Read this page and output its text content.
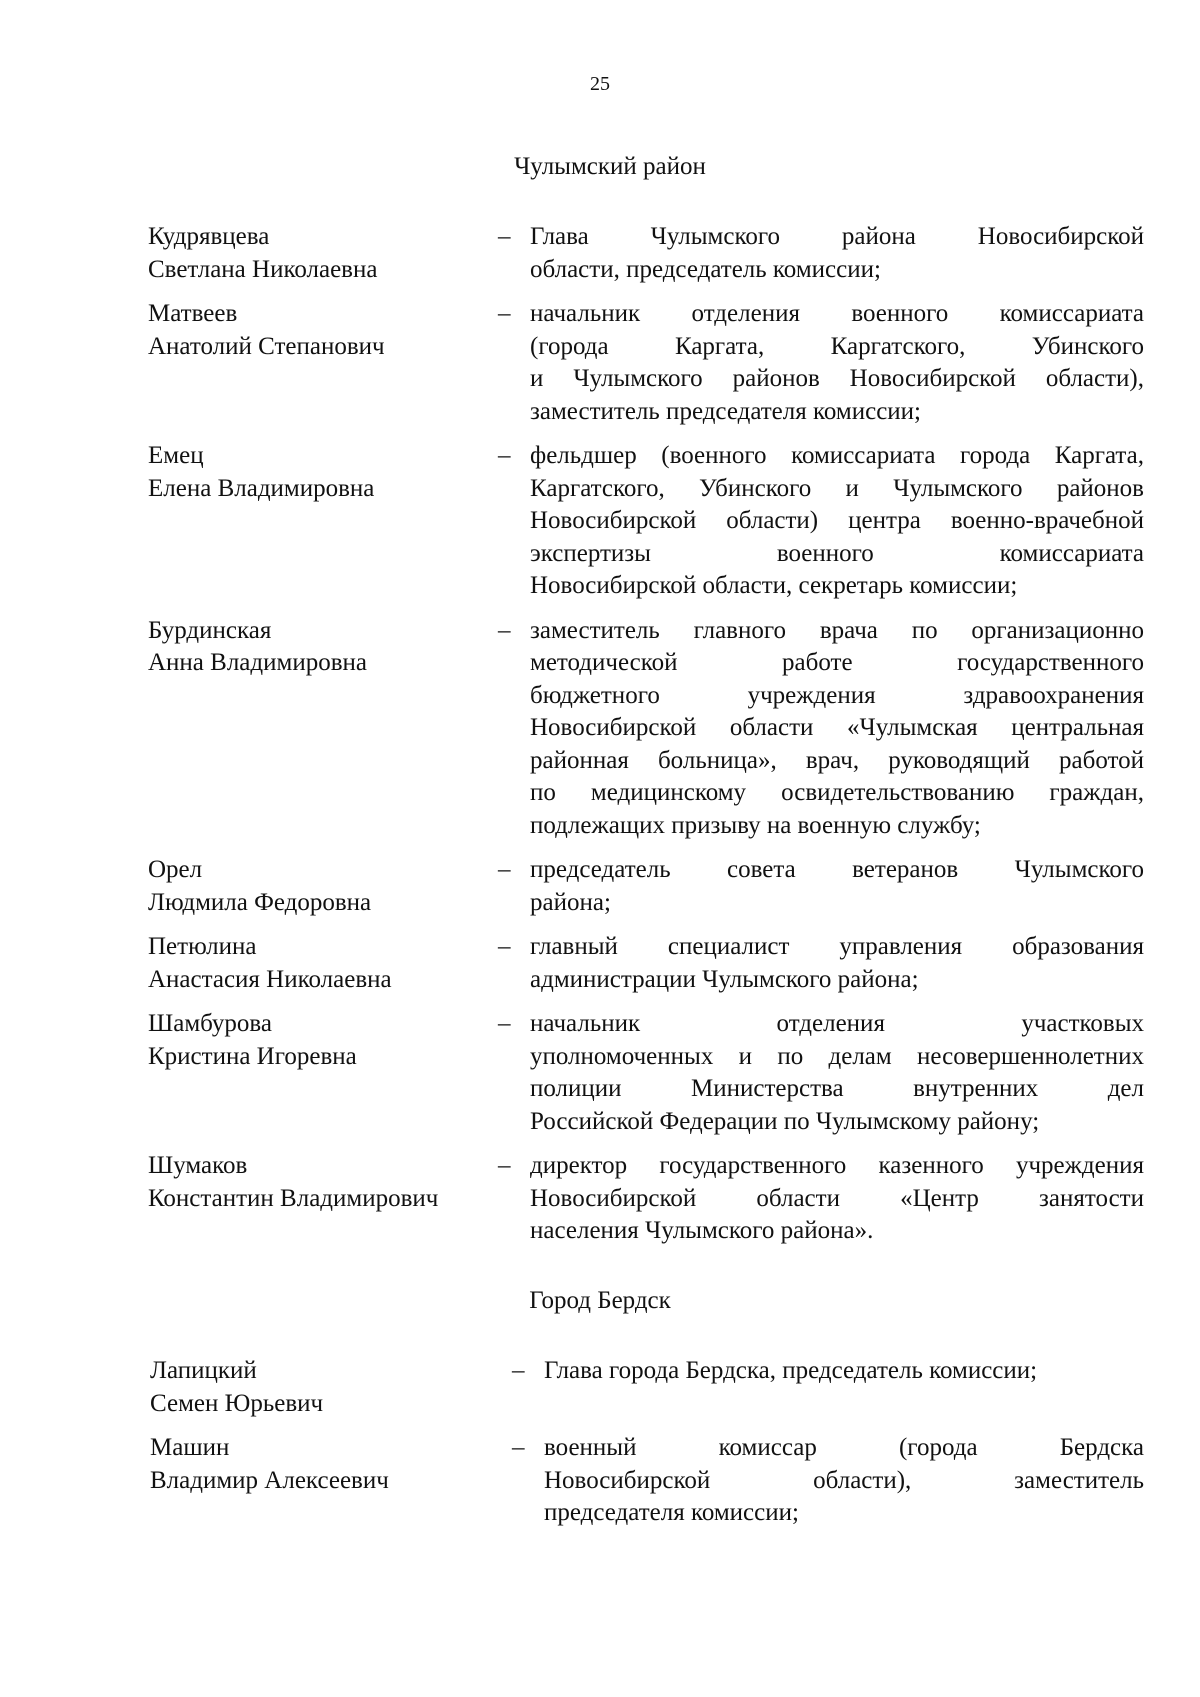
25
Чулымский район
Кудрявцева
Светлана Николаевна
– Глава Чулымского района Новосибирской
области, председатель комиссии;
Матвеев
Анатолий Степанович
– начальник отделения военного комиссариата
(города Каргата, Каргатского, Убинского
и Чулымского районов Новосибирской области),
заместитель председателя комиссии;
Емец
Елена Владимировна
– фельдшер (военного комиссариата города Каргата,
Каргатского, Убинского и Чулымского районов
Новосибирской области) центра военно-врачебной
экспертизы военного комиссариата
Новосибирской области, секретарь комиссии;
Бурдинская
Анна Владимировна
– заместитель главного врача по организационно
методической работе государственного
бюджетного учреждения здравоохранения
Новосибирской области «Чулымская центральная
районная больница», врач, руководящий работой
по медицинскому освидетельствованию граждан,
подлежащих призыву на военную службу;
Орел
Людмила Федоровна
– председатель совета ветеранов Чулымского
района;
Петюлина
Анастасия Николаевна
– главный специалист управления образования
администрации Чулымского района;
Шамбурова
Кристина Игоревна
– начальник отделения участковых
уполномоченных и по делам несовершеннолетних
полиции Министерства внутренних дел
Российской Федерации по Чулымскому району;
Шумаков
Константин Владимирович
– директор государственного казенного учреждения
Новосибирской области «Центр занятости
населения Чулымского района».
Город Бердск
Лапицкий
Семен Юрьевич
– Глава города Бердска, председатель комиссии;
Машин
Владимир Алексеевич
– военный комиссар (города Бердска
Новосибирской области), заместитель
председателя комиссии;
